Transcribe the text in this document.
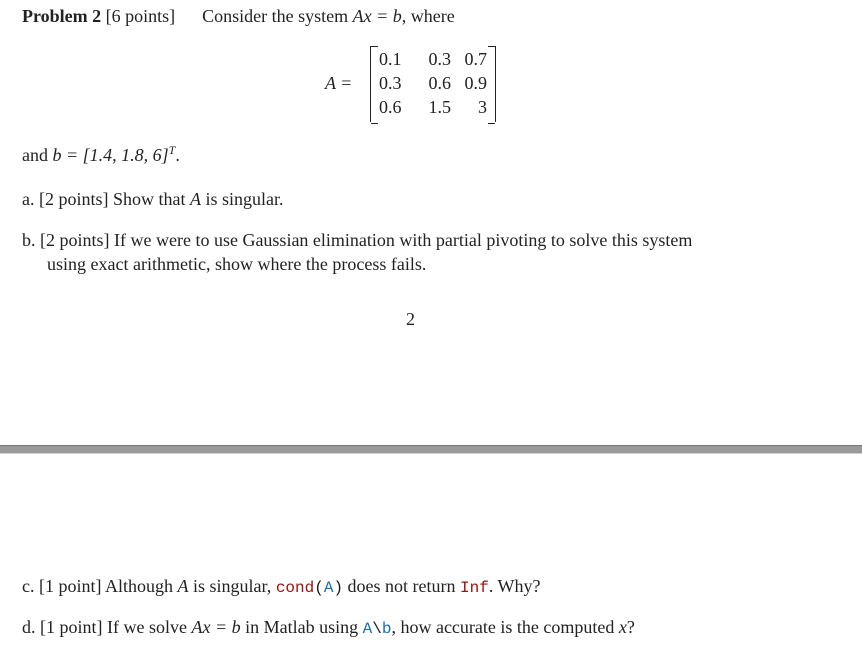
Problem 2 [6 points] Consider the system Ax = b, where
A =
0.1	0.3 0.7
0.3	0.6 0.9
0.6	1.5	3
and b = [1.4, 1.8, 6]$^T$.
a. [2 points] Show that A is singular.
b. [2 points] If we were to use Gaussian elimination with partial pivoting to solve this system
using exact arithmetic, show where the process fails.
2
c. [1 point] Although A is singular, cond(A) does not return Inf. Why?
d. [1 point] If we solve Ax = b in Matlab using A\b, how accurate is the computed x?
